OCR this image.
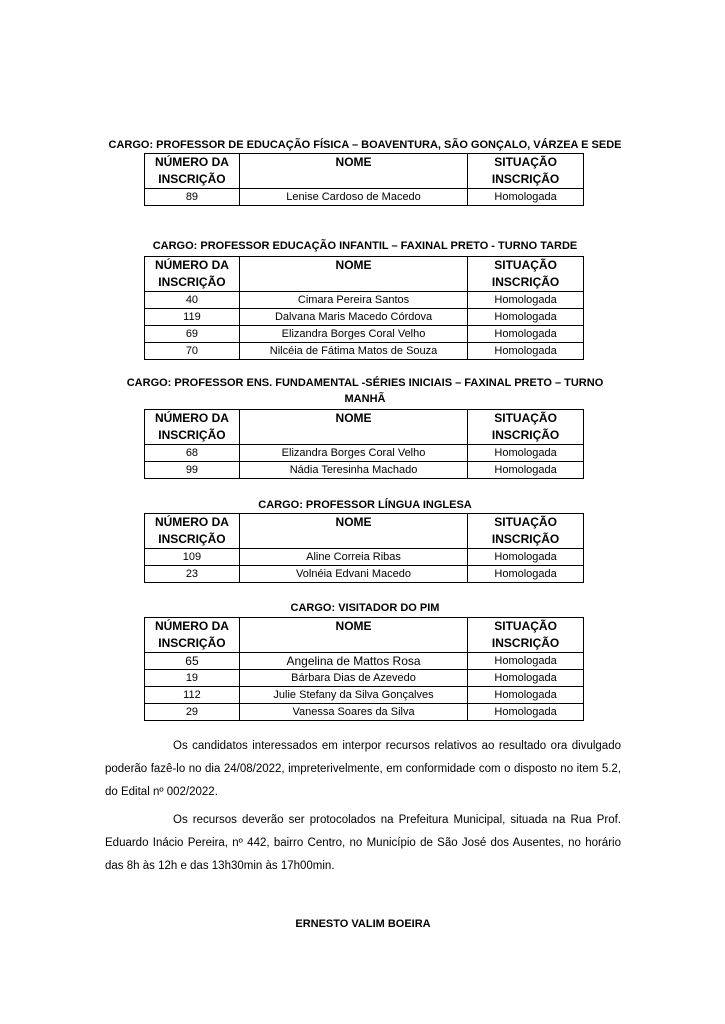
CARGO: PROFESSOR DE EDUCAÇÃO FÍSICA – BOAVENTURA, SÃO GONÇALO, VÁRZEA E SEDE
NÚMERO DA INSCRIÇÃO	NOME	SITUAÇÃO INSCRIÇÃO
89	Lenise Cardoso de Macedo	Homologada
CARGO: PROFESSOR EDUCAÇÃO INFANTIL – FAXINAL PRETO - TURNO TARDE
NÚMERO DA INSCRIÇÃO	NOME	SITUAÇÃO INSCRIÇÃO
40	Cimara Pereira Santos	Homologada
119	Dalvana Maris Macedo Córdova	Homologada
69	Elizandra Borges Coral Velho	Homologada
70	Nilcéia de Fátima Matos de Souza	Homologada
CARGO: PROFESSOR ENS. FUNDAMENTAL -SÉRIES INICIAIS – FAXINAL PRETO – TURNO MANHÃ
NÚMERO DA INSCRIÇÃO	NOME	SITUAÇÃO INSCRIÇÃO
68	Elizandra Borges Coral Velho	Homologada
99	Nádia Teresinha Machado	Homologada
CARGO: PROFESSOR LÍNGUA INGLESA
NÚMERO DA INSCRIÇÃO	NOME	SITUAÇÃO INSCRIÇÃO
109	Aline Correia Ribas	Homologada
23	Volnéia Edvani Macedo	Homologada
CARGO: VISITADOR DO PIM
NÚMERO DA INSCRIÇÃO	NOME	SITUAÇÃO INSCRIÇÃO
65	Angelina de Mattos Rosa	Homologada
19	Bárbara Dias de Azevedo	Homologada
112	Julie Stefany da Silva Gonçalves	Homologada
29	Vanessa Soares da Silva	Homologada
Os candidatos interessados em interpor recursos relativos ao resultado ora divulgado poderão fazê-lo no dia 24/08/2022, impreterivelmente, em conformidade com o disposto no item 5.2, do Edital nº 002/2022.
Os recursos deverão ser protocolados na Prefeitura Municipal, situada na Rua Prof. Eduardo Inácio Pereira, nº 442, bairro Centro, no Município de São José dos Ausentes, no horário das 8h às 12h e das 13h30min às 17h00min.
ERNESTO VALIM BOEIRA
